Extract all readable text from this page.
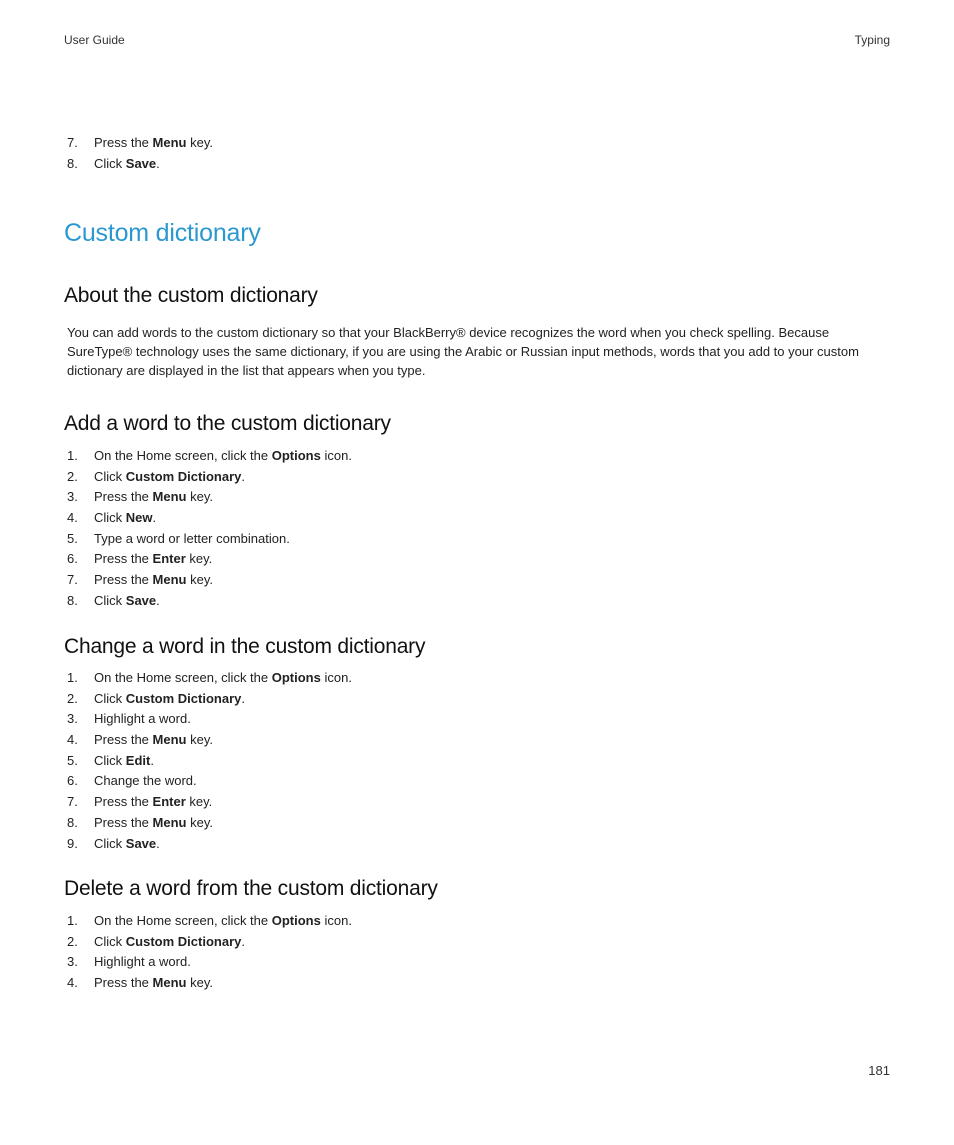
User Guide	Typing
7. Press the Menu key.
8. Click Save.
Custom dictionary
About the custom dictionary

You can add words to the custom dictionary so that your BlackBerry® device recognizes the word when you check spelling. Because SureType® technology uses the same dictionary, if you are using the Arabic or Russian input methods, words that you add to your custom dictionary are displayed in the list that appears when you type.

Add a word to the custom dictionary
1. On the Home screen, click the Options icon.
2. Click Custom Dictionary.
3. Press the Menu key.
4. Click New.
5. Type a word or letter combination.
6. Press the Enter key.
7. Press the Menu key.
8. Click Save.
Change a word in the custom dictionary
1. On the Home screen, click the Options icon.
2. Click Custom Dictionary.
3. Highlight a word.
4. Press the Menu key.
5. Click Edit.
6. Change the word.
7. Press the Enter key.
8. Press the Menu key.
9. Click Save.
Delete a word from the custom dictionary
1. On the Home screen, click the Options icon.
2. Click Custom Dictionary.
3. Highlight a word.
4. Press the Menu key.
181
